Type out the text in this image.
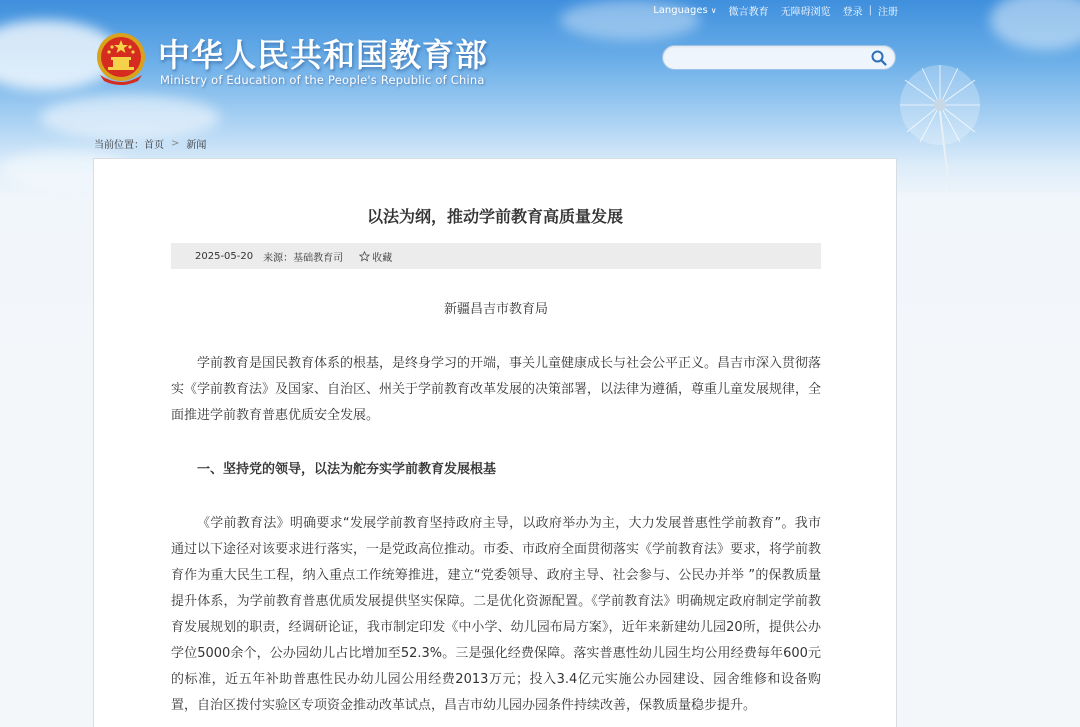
Languages ∨ 微言教育 无障碍浏览 登录 | 注册
中华人民共和国教育部
Ministry of Education of the People's Republic of China
当前位置： 首页 > 新闻
以法为纲，推动学前教育高质量发展
2025-05-20 来源：基础教育司	收藏

新疆昌吉市教育局

学前教育是国民教育体系的根基，是终身学习的开端，事关儿童健康成长与社会公平正义。昌吉市深入贯彻落实《学前教育法》及国家、自治区、州关于学前教育改革发展的决策部署，以法律为遵循，尊重儿童发展规律，全面推进学前教育普惠优质安全发展。

一、坚持党的领导，以法为舵夯实学前教育发展根基

《学前教育法》明确要求“发展学前教育坚持政府主导，以政府举办为主，大力发展普惠性学前教育”。我市通过以下途径对该要求进行落实，一是党政高位推动。市委、市政府全面贯彻落实《学前教育法》要求，将学前教育作为重大民生工程，纳入重点工作统筹推进，建立“党委领导、政府主导、社会参与、公民办并举 ”的保教质量提升体系，为学前教育普惠优质发展提供坚实保障。二是优化资源配置。《学前教育法》明确规定政府制定学前教育发展规划的职责，经调研论证，我市制定印发《中小学、幼儿园布局方案》，近年来新建幼儿园20所，提供公办学位5000余个，公办园幼儿占比增加至52.3%。三是强化经费保障。落实普惠性幼儿园生均公用经费每年600元的标准，近五年补助普惠性民办幼儿园公用经费2013万元；投入3.4亿元实施公办园建设、园舍维修和设备购置，自治区拨付实验区专项资金推动改革试点，昌吉市幼儿园办园条件持续改善，保教质量稳步提升。
